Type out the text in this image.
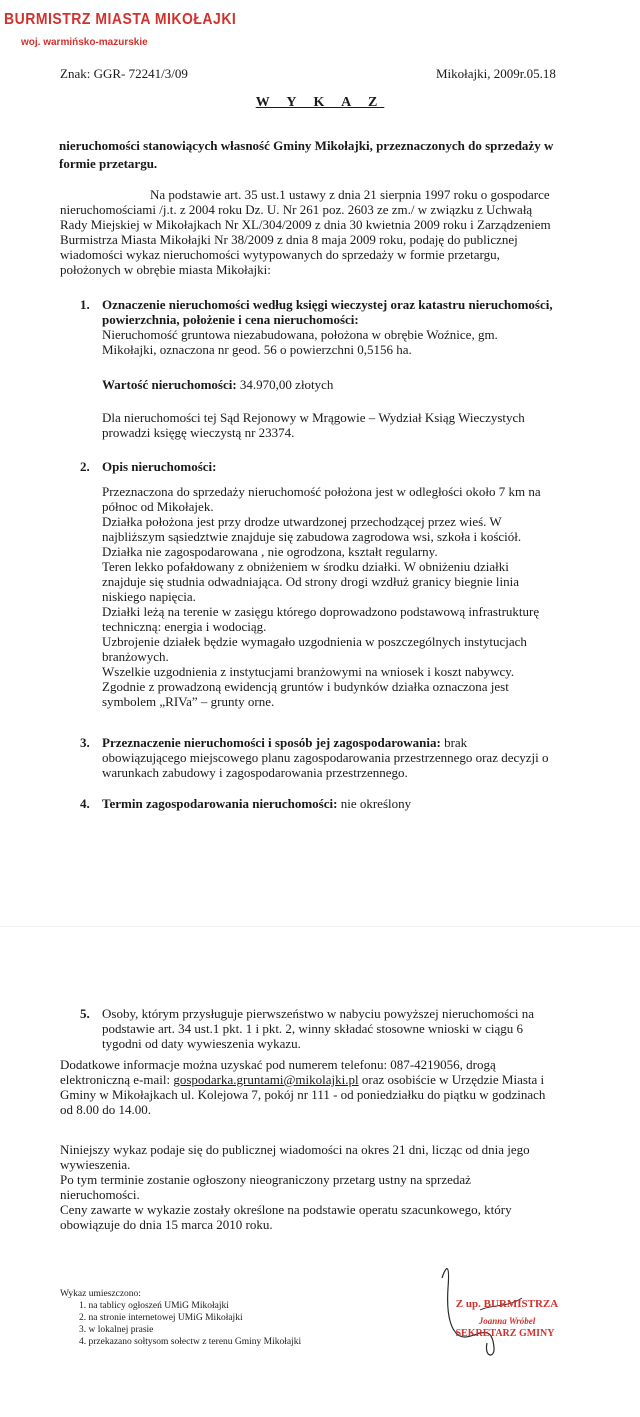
BURMISTRZ MIASTA MIKOŁAJKI
woj. warmińsko-mazurskie
Znak: GGR- 72241/3/09	Mikołajki, 2009r.05.18
W Y K A Z
nieruchomości stanowiących własność Gminy Mikołajki, przeznaczonych do sprzedaży w formie przetargu.
Na podstawie art. 35 ust.1 ustawy z dnia 21 sierpnia 1997 roku o gospodarce
nieruchomościami /j.t. z 2004 roku Dz. U. Nr 261 poz. 2603 ze zm./ w związku z Uchwałą
Rady Miejskiej w Mikołajkach Nr XL/304/2009 z dnia 30 kwietnia 2009 roku i Zarządzeniem
Burmistrza Miasta Mikołajki Nr 38/2009 z dnia 8 maja 2009 roku, podaję do publicznej
wiadomości wykaz nieruchomości wytypowanych do sprzedaży w formie przetargu,
położonych w obrębie miasta Mikołajki:
1. Oznaczenie nieruchomości według księgi wieczystej oraz katastru nieruchomości,
powierzchnia, położenie i cena nieruchomości:
Nieruchomość gruntowa niezabudowana, położona w obrębie Woźnice, gm.
Mikołajki, oznaczona nr geod. 56 o powierzchni 0,5156 ha.
Wartość nieruchomości: 34.970,00 złotych
Dla nieruchomości tej Sąd Rejonowy w Mrągowie – Wydział Ksiąg Wieczystych
prowadzi księgę wieczystą nr 23374.
2. Opis nieruchomości:
Przeznaczona do sprzedaży nieruchomość położona jest w odległości około 7 km na
północ od Mikołajek.
Działka położona jest przy drodze utwardzonej przechodzącej przez wieś. W
najbliższym sąsiedztwie znajduje się zabudowa zagrodowa wsi, szkoła i kościół.
Działka nie zagospodarowana , nie ogrodzona, kształt regularny.
Teren lekko pofałdowany z obniżeniem w środku działki. W obniżeniu działki
znajduje się studnia odwadniająca. Od strony drogi wzdłuż granicy biegnie linia
niskiego napięcia.
Działki leżą na terenie w zasięgu którego doprowadzono podstawową infrastrukturę
techniczną: energia i wodociąg.
Uzbrojenie działek będzie wymagało uzgodnienia w poszczególnych instytucjach
branżowych.
Wszelkie uzgodnienia z instytucjami branżowymi na wniosek i koszt nabywcy.
Zgodnie z prowadzoną ewidencją gruntów i budynków działka oznaczona jest
symbolem „RIVa” – grunty orne.
3. Przeznaczenie nieruchomości i sposób jej zagospodarowania: brak
obowiązującego miejscowego planu zagospodarowania przestrzennego oraz decyzji o
warunkach zabudowy i zagospodarowania przestrzennego.
4. Termin zagospodarowania nieruchomości: nie określony
5. Osoby, którym przysługuje pierwszeństwo w nabyciu powyższej nieruchomości na
podstawie art. 34 ust.1 pkt. 1 i pkt. 2, winny składać stosowne wnioski w ciągu 6
tygodni od daty wywieszenia wykazu.
Dodatkowe informacje można uzyskać pod numerem telefonu: 087-4219056, drogą
elektroniczną e-mail: gospodarka.gruntami@mikolajki.pl oraz osobiście w Urzędzie Miasta i
Gminy w Mikołajkach ul. Kolejowa 7, pokój nr 111 - od poniedziałku do piątku w godzinach
od 8.00 do 14.00.
Niniejszy wykaz podaje się do publicznej wiadomości na okres 21 dni, licząc od dnia jego
wywieszenia.
Po tym terminie zostanie ogłoszony nieograniczony przetarg ustny na sprzedaż
nieruchomości.
Ceny zawarte w wykazie zostały określone na podstawie operatu szacunkowego, który
obowiązuje do dnia 15 marca 2010 roku.
Wykaz umieszczono:
1. na tablicy ogłoszeń UMiG Mikołajki
2. na stronie internetowej UMiG Mikołajki
3. w lokalnej prasie
4. przekazano sołtysom sołectw z terenu Gminy Mikołajki
Z up. BURMISTRZA
Joanna Wróbel
SEKRETARZ GMINY
